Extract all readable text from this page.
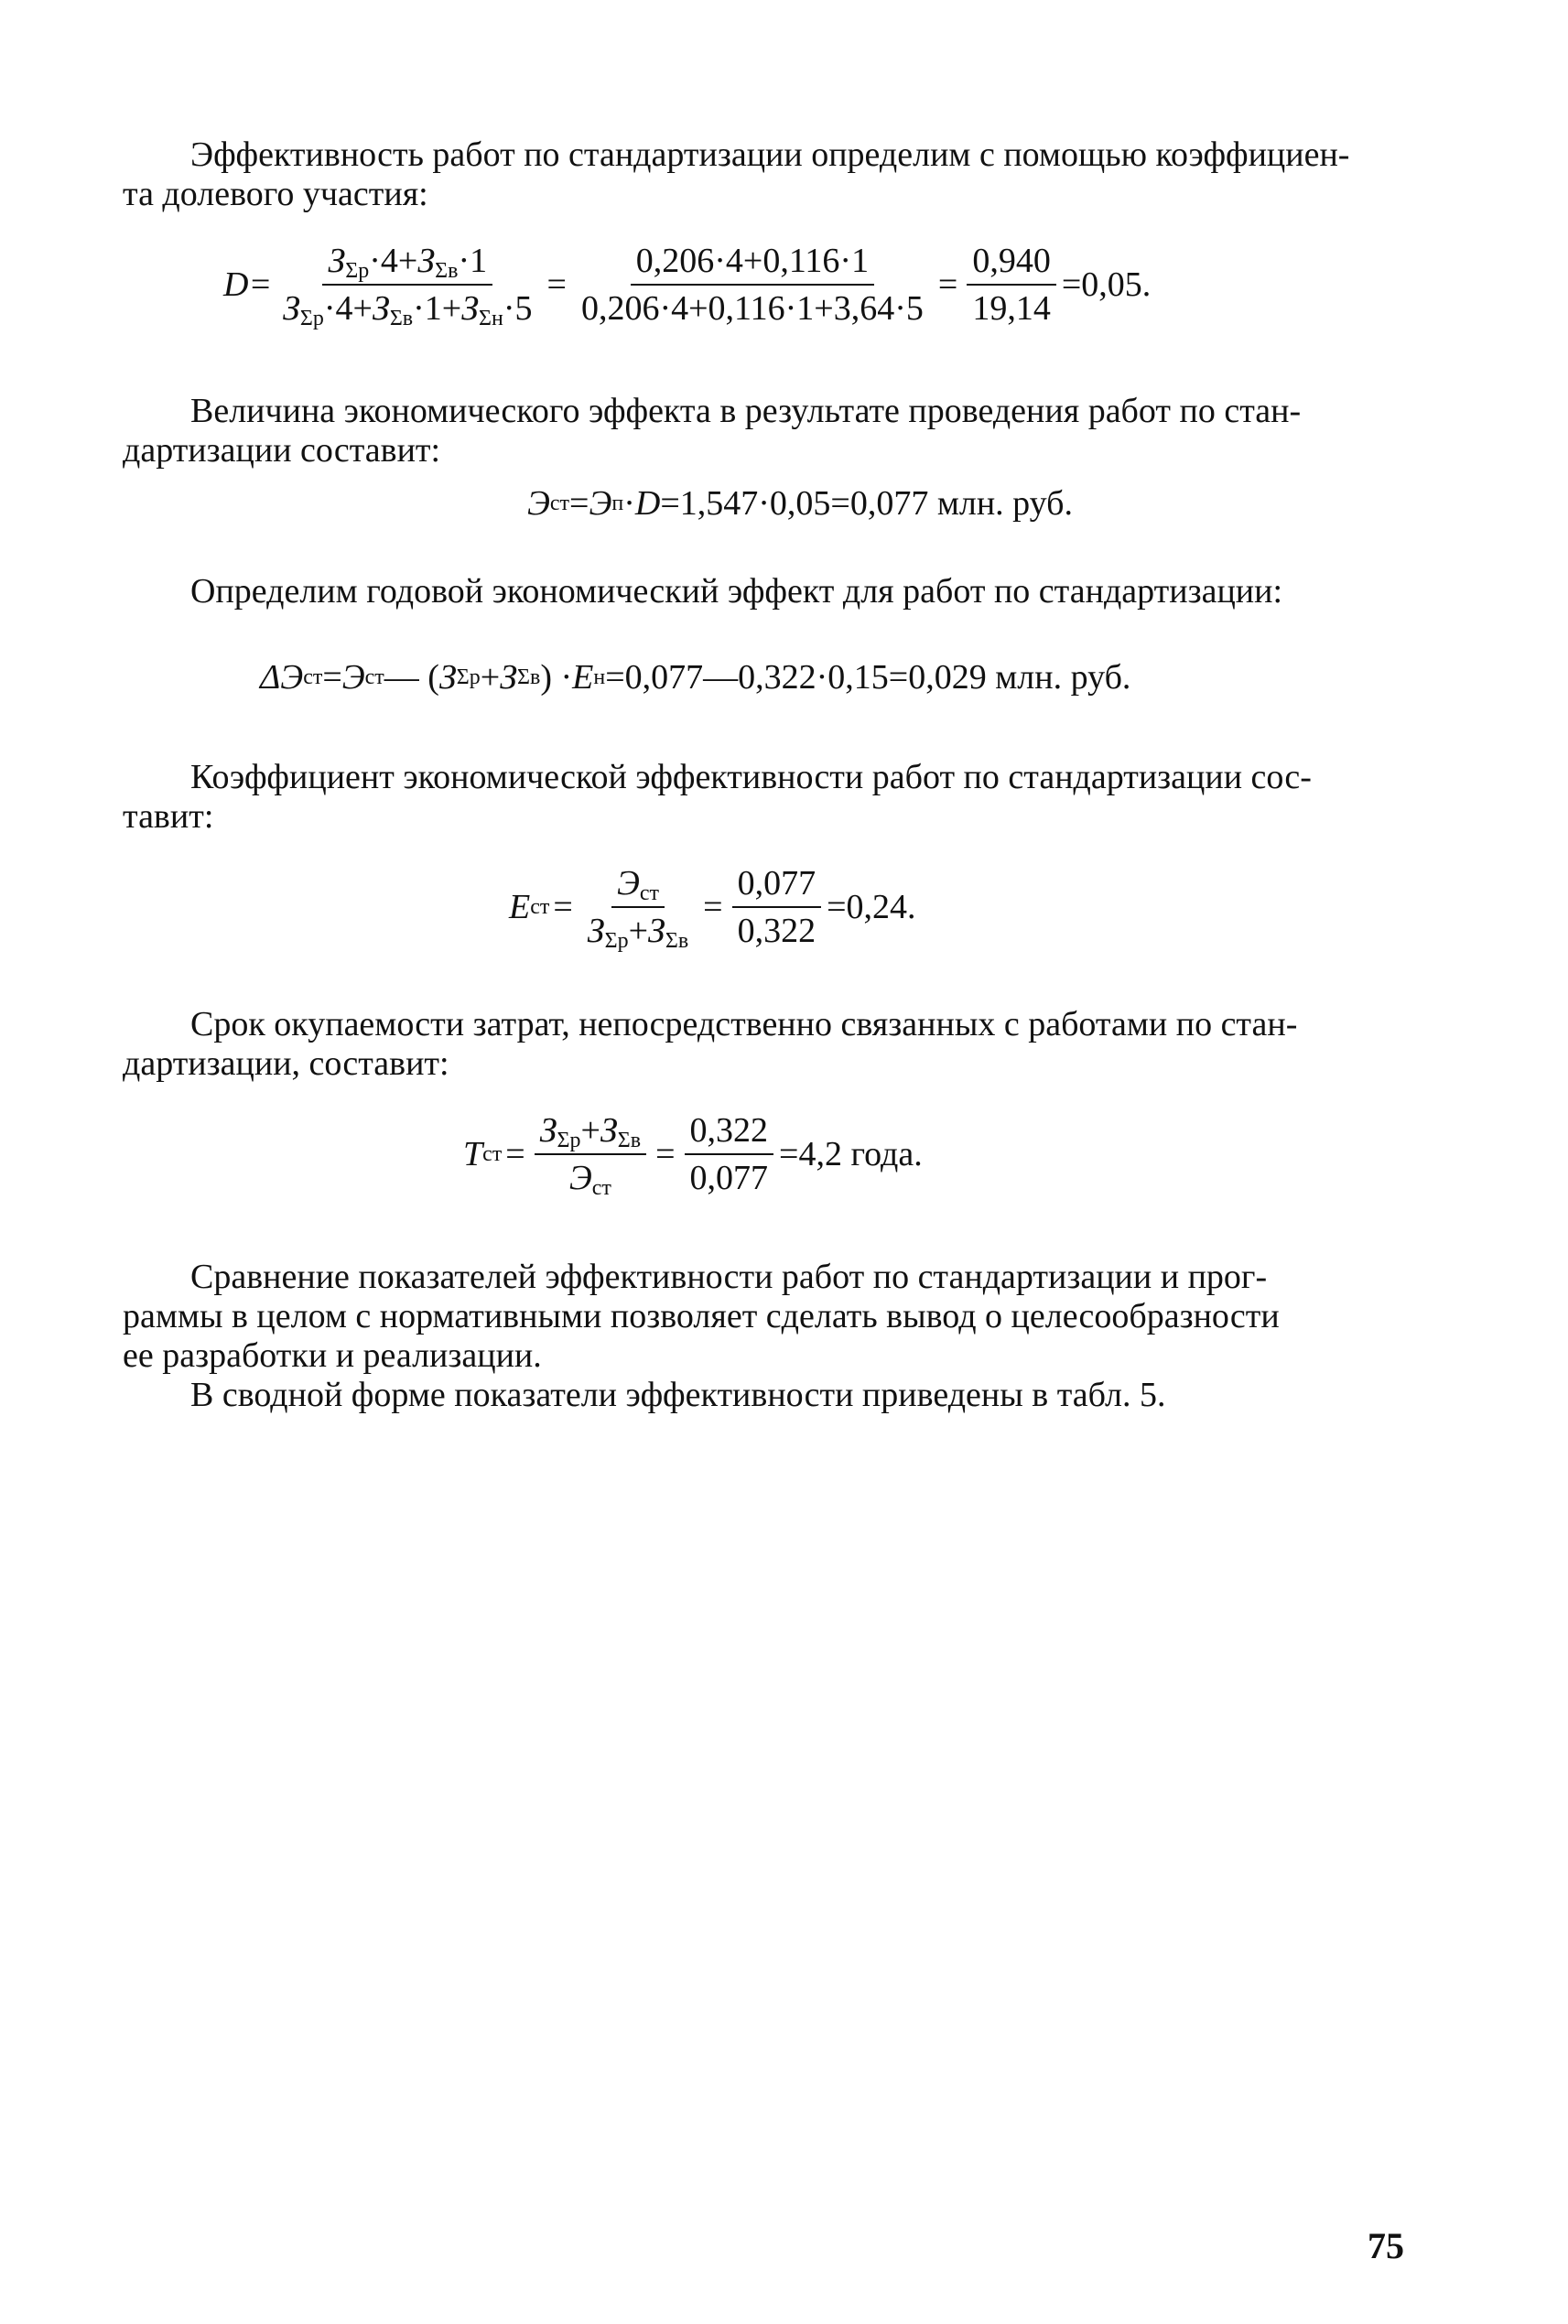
Эффективность работ по стандартизации определим с помощью коэффициен-
та долевого участия:
$D= \frac{З_{\Sigma р}\cdot 4+З_{\Sigma в}\cdot 1}{З_{\Sigma р}\cdot 4+З_{\Sigma в}\cdot 1+З_{\Sigma н}\cdot 5} = \frac{0,206\cdot 4+0,116\cdot 1}{0,206\cdot 4+0,116\cdot 1+3,64\cdot 5} = \frac{0,940}{19,14} =0,05$.
Величина экономического эффекта в результате проведения работ по стан-
дартизации составит:
Э ст = Э п · D =1,547·0,05=0,077 млн. руб.
Определим годовой экономический эффект для работ по стандартизации:
ΔЭ ст = Э ст — ( З Σр + З Σв ) · Е н =0,077—0,322·0,15=0,029 млн. руб.
Коэффициент экономической эффективности работ по стандартизации сос-
тавит:
Е ст = $\frac{Э_{ст}}{З_{\Sigma р}+З_{\Sigma в}} = \frac{0,077}{0,322} =0,24$.
Срок окупаемости затрат, непосредственно связанных с работами по стан-
дартизации, составит:
Т ст = $\frac{З_{\Sigma р}+З_{\Sigma в}}{Э_{ст}} = \frac{0,322}{0,077} =4,2$ года.
Сравнение показателей эффективности работ по стандартизации и прог-
раммы в целом с нормативными позволяет сделать вывод о целесообразности
ее разработки и реализации.
В сводной форме показатели эффективности приведены в табл. 5.
75
